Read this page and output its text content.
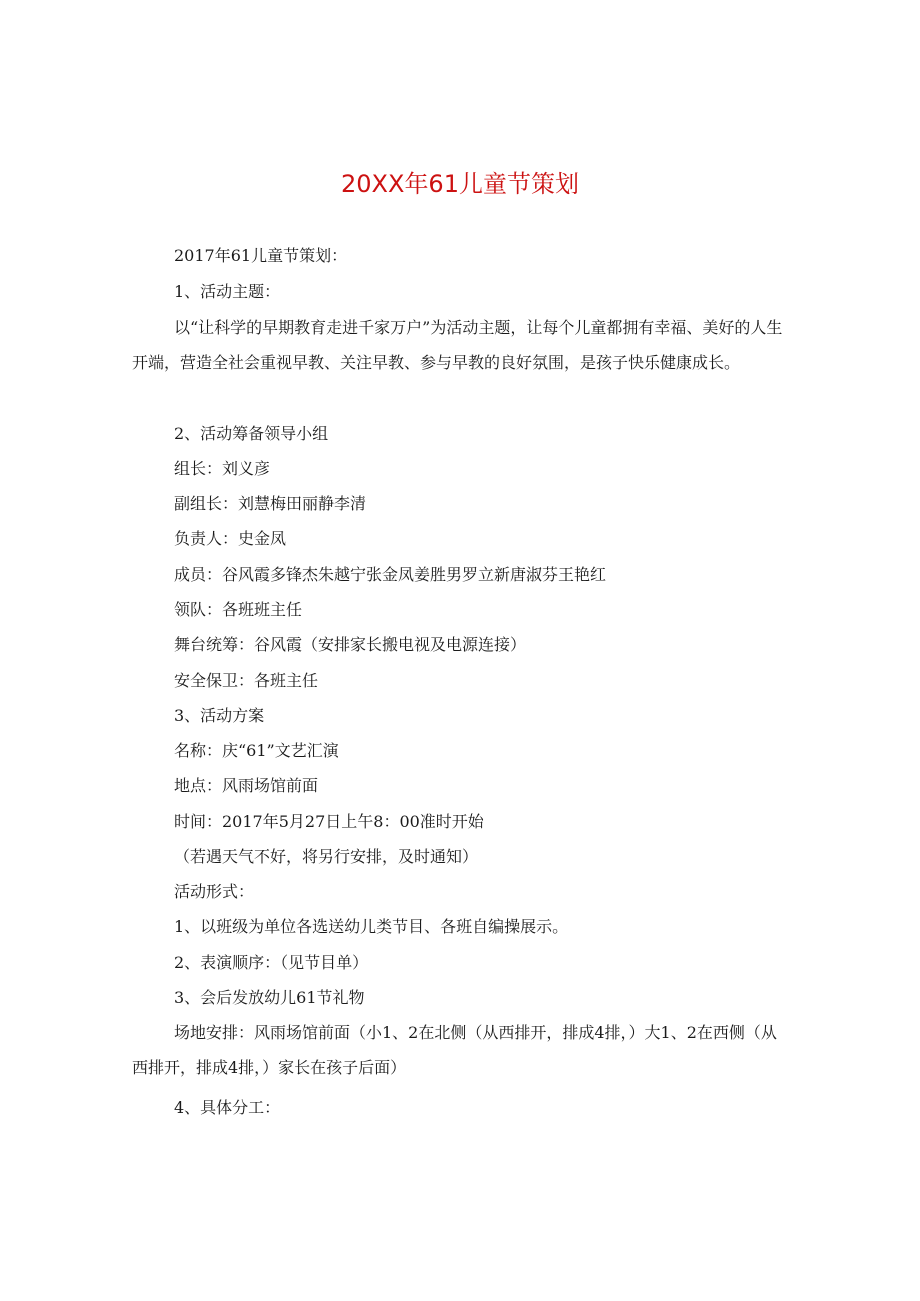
20XX年61儿童节策划
2017年61儿童节策划：
1、活动主题：
以“让科学的早期教育走进千家万户”为活动主题，让每个儿童都拥有幸福、美好的人生开端，营造全社会重视早教、关注早教、参与早教的良好氛围，是孩子快乐健康成长。
2、活动筹备领导小组
组长：刘义彦
副组长：刘慧梅田丽静李清
负责人：史金凤
成员：谷风霞多锋杰朱越宁张金凤姜胜男罗立新唐淑芬王艳红
领队：各班班主任
舞台统筹：谷风霞（安排家长搬电视及电源连接）
安全保卫：各班主任
3、活动方案
名称：庆“61”文艺汇演
地点：风雨场馆前面
时间：2017年5月27日上午8：00准时开始
（若遇天气不好，将另行安排，及时通知）
活动形式：
1、以班级为单位各选送幼儿类节目、各班自编操展示。
2、表演顺序：（见节目单）
3、会后发放幼儿61节礼物
场地安排：风雨场馆前面（小1、2在北侧（从西排开，排成4排，）大1、2在西侧（从西排开，排成4排，）家长在孩子后面）
4、具体分工：
